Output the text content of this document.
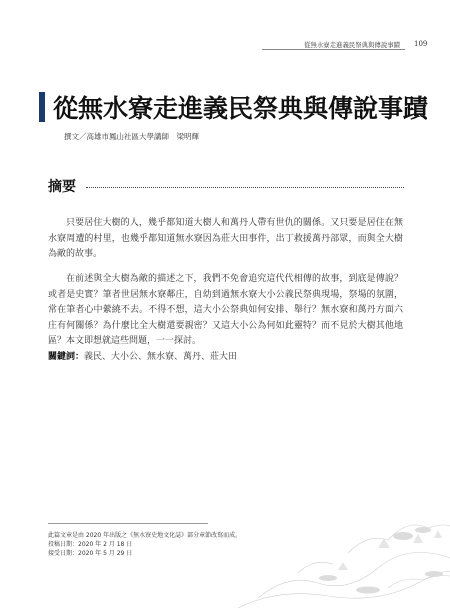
從無水寮走進義民祭典與傳說事蹟 109
從無水寮走進義民祭典與傳說事蹟
撰文／高雄市鳳山社區大學講師　梁明輝
摘要

只要居住大樹的人，幾乎都知道大樹人和萬丹人帶有世仇的關係。又只要是居住在無水寮周遭的村里，也幾乎都知道無水寮因為莊大田事件，出丁救援萬丹部眾，而與全大樹為敵的故事。

在前述與全大樹為敵的描述之下，我們不免會追究這代代相傳的故事，到底是傳說？或者是史實？筆者世居無水寮鄰庄，自幼到過無水寮大小公義民祭典現場，祭場的氛圍，常在筆者心中縈繞不去。不得不想，這大小公祭典如何安排、舉行？無水寮和萬丹方面六庄有何關係？為什麼比全大樹還要親密？又這大小公為何如此靈特？而不見於大樹其他地區？本文即想就這些問題，一一探討。

關鍵詞：義民、大小公、無水寮、萬丹、莊大田
此篇文章是由 2020 年出版之《無水寮史地文化誌》部分章節改寫而成。
投稿日期：2020 年 2 月 18 日
接受日期：2020 年 5 月 29 日
